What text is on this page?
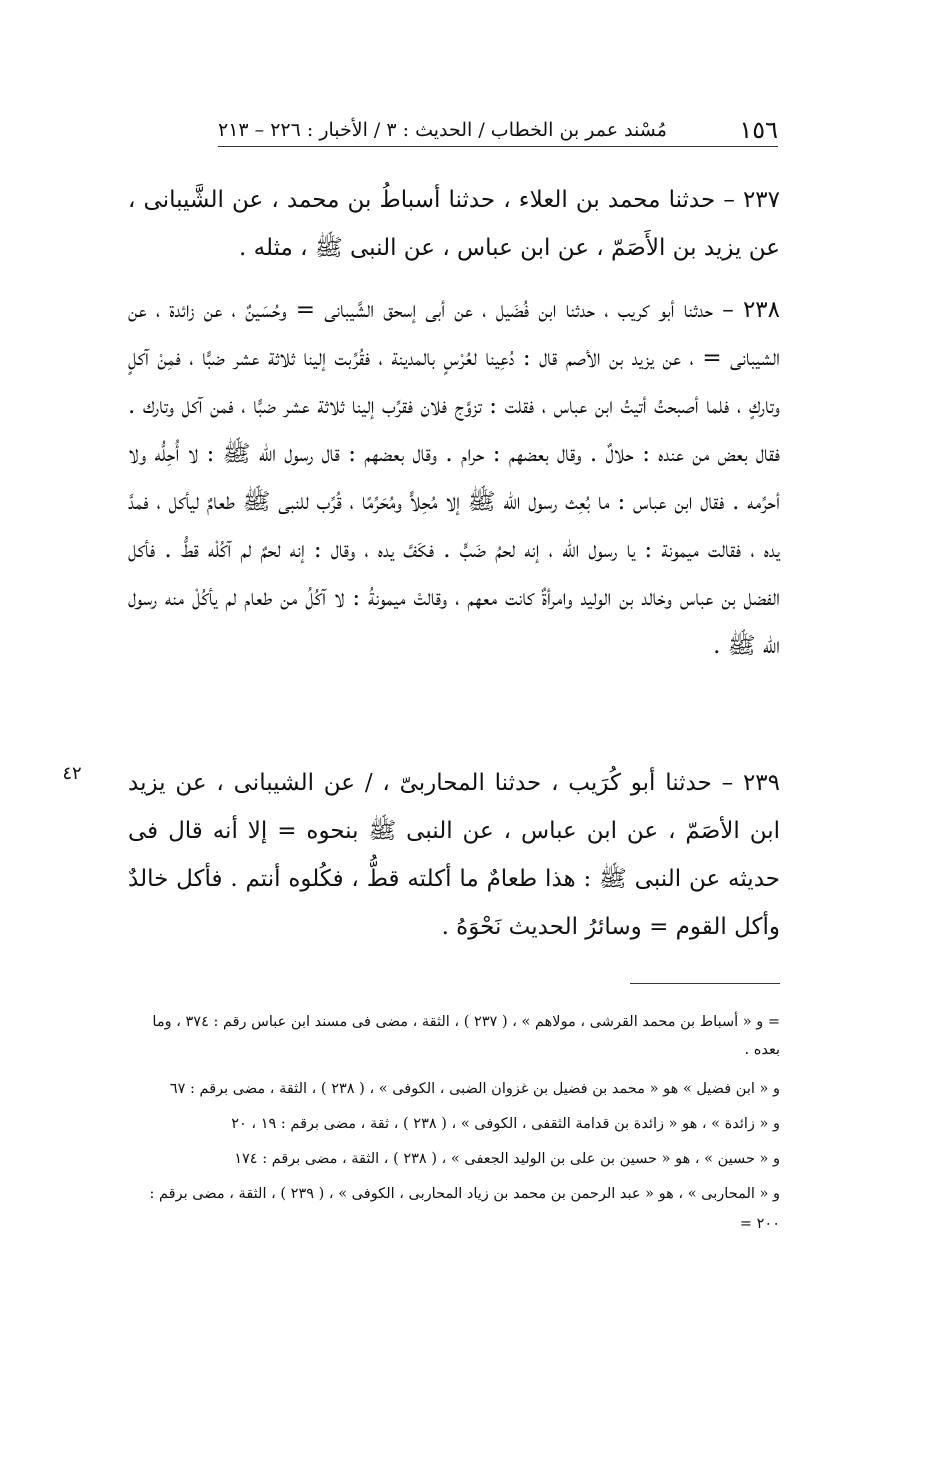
١٥٦
مُسْند عمر بن الخطاب / الحديث : ٣ / الأخبار : ٢٢٦ – ٢١٣
٢٣٧ – حدثنا محمد بن العلاء ، حدثنا أسباطُ بن محمد ، عن الشَّيبانى ، عن يزيد بن الأَصَمّ ، عن ابن عباس ، عن النبى ﷺ ، مثله .
٢٣٨ – حدثنا أبو كريب ، حدثنا ابن فُضَيل ، عن أبى إسحق الشَّيبانى = وحُسَينٌ ، عن زائدة ، عن الشيبانى = ، عن يزيد بن الأصم قال : دُعِينا لعُرْسٍ بالمدينة ، فقُرِّبت إلينا ثلاثة عشر ضبًّا ، فمِنْ آكلٍ وتاركٍ ، فلما أصبحتُ أتيتُ ابن عباس ، فقلت : تزوَّج فلان فقرِّب إلينا ثلاثة عشر ضبًّا ، فمن آكل وتارك . فقال بعض من عنده : حلالٌ . وقال بعضهم : حرام . وقال بعضهم : قال رسول الله ﷺ : لا أُحِلُّه ولا أحرِّمه . فقال ابن عباس : ما بُعِث رسول الله ﷺ إلا مُحِلاًّ ومُحَرِّمًا ، قُرِّب للنبى ﷺ طعامٌ ليأكل ، فمدَّ يده ، فقالت ميمونة : يا رسول الله ، إنه لحمُ ضَبٍّ . فكَفَّ يده ، وقال : إنه لحمٌ لم آكُلْه قطُّ . فأكل الفضل بن عباس وخالد بن الوليد وامرأةٌ كانت معهم ، وقالتْ ميمونةُ : لا آكُلُ من طعام لم يأكُلْ منه رسول الله ﷺ .
٢٣٩ – حدثنا أبو كُرَيب ، حدثنا المحاربىّ ، / عن الشيبانى ، عن يزيد ابن الأصَمّ ، عن ابن عباس ، عن النبى ﷺ بنحوه = إلا أنه قال فى حديثه عن النبى ﷺ : هذا طعامٌ ما أكلته قطُّ ، فكُلوه أنتم . فأكل خالدٌ وأكل القوم = وسائرُ الحديث نَحْوَهُ .
٤٢
= و « أسباط بن محمد القرشى ، مولاهم » ، ( ٢٣٧ ) ، الثقة ، مضى فى مسند ابن عباس رقم : ٣٧٤ ، وما بعده .
و « ابن فضيل » هو « محمد بن فضيل بن غزوان الضبى ، الكوفى » ، ( ٢٣٨ ) ، الثقة ، مضى برقم : ٦٧
و « زائدة » ، هو « زائدة بن قدامة الثقفى ، الكوفى » ، ( ٢٣٨ ) ، ثقة ، مضى برقم : ١٩ ، ٢٠
و « حسين » ، هو « حسين بن على بن الوليد الجعفى » ، ( ٢٣٨ ) ، الثقة ، مضى برقم : ١٧٤
و « المحاربى » ، هو « عبد الرحمن بن محمد بن زياد المحاربى ، الكوفى » ، ( ٢٣٩ ) ، الثقة ، مضى برقم : ٢٠٠ =
